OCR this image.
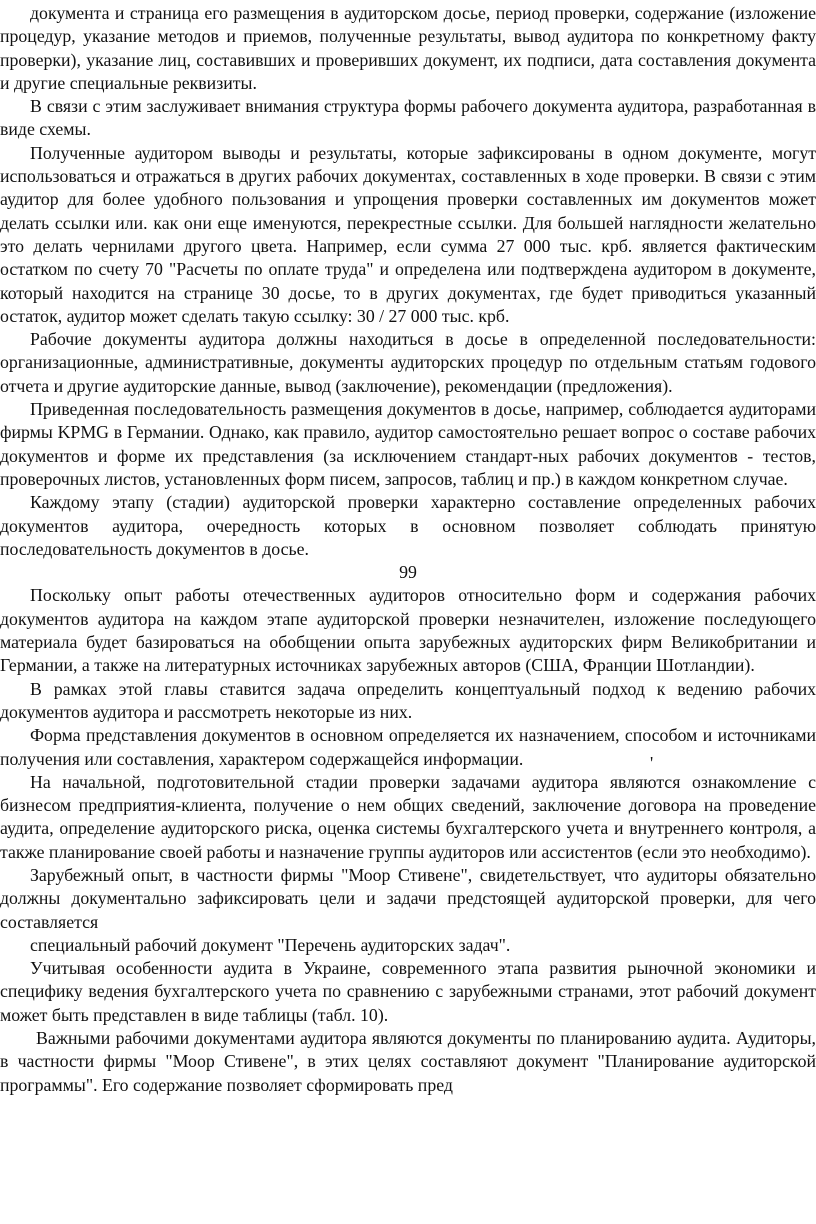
документа и страница его размещения в аудиторском досье, период проверки, содержание (изложение процедур, указание методов и приемов, полученные результаты, вывод аудитора по конкретному факту проверки), указание лиц, составивших и проверивших документ, их подписи, дата составления документа и другие специальные реквизиты.

В связи с этим заслуживает внимания структура формы рабочего документа аудитора, разработанная в виде схемы.

Полученные аудитором выводы и результаты, которые зафиксированы в одном документе, могут использоваться и отражаться в других рабочих документах, составленных в ходе проверки. В связи с этим аудитор для более удобного пользования и упрощения проверки составленных им документов может делать ссылки или. как они еще именуются, перекрестные ссылки. Для большей наглядности желательно это делать чернилами другого цвета. Например, если сумма 27 000 тыс. крб. является фактическим остатком по счету 70 "Расчеты по оплате труда" и определена или подтверждена аудитором в документе, который находится на странице 30 досье, то в других документах, где будет приводиться указанный остаток, аудитор может сделать такую ссылку: 30 / 27 000 тыс. крб.

Рабочие документы аудитора должны находиться в досье в определенной последовательности: организационные, административные, документы аудиторских процедур по отдельным статьям годового отчета и другие аудиторские данные, вывод (заключение), рекомендации (предложения).

Приведенная последовательность размещения документов в досье, например, соблюдается аудиторами фирмы KPMG в Германии. Однако, как правило, аудитор самостоятельно решает вопрос о составе рабочих документов и форме их представления (за исключением стандарт-ных рабочих документов - тестов, проверочных листов, установленных форм писем, запросов, таблиц и пр.) в каждом конкретном случае.

Каждому этапу (стадии) аудиторской проверки характерно составление определенных рабочих документов аудитора, очередность которых в основном позволяет соблюдать принятую последовательность документов в досье.

99

Поскольку опыт работы отечественных аудиторов относительно форм и содержания рабочих документов аудитора на каждом этапе аудиторской проверки незначителен, изложение последующего материала будет базироваться на обобщении опыта зарубежных аудиторских фирм Великобритании и Германии, а также на литературных источниках зарубежных авторов (США, Франции Шотландии).

'

В рамках этой главы ставится задача определить концептуальный подход к ведению рабочих документов аудитора и рассмотреть некоторые из них.

Форма представления документов в основном определяется их назначением, способом и источниками получения или составления, характером содержащейся информации.

На начальной, подготовительной стадии проверки задачами аудитора являются ознакомление с бизнесом предприятия-клиента, получение о нем общих сведений, заключение договора на проведение аудита, определение аудиторского риска, оценка системы бухгалтерского учета и внутреннего контроля, а также планирование своей работы и назначение группы аудиторов или ассистентов (если это необходимо).

Зарубежный опыт, в частности фирмы "Моор Стивене", свидетельствует, что аудиторы обязательно должны документально зафиксировать цели и задачи предстоящей аудиторской проверки, для чего составляется

специальный рабочий документ "Перечень аудиторских задач".

Учитывая особенности аудита в Украине, современного этапа развития рыночной экономики и специфику ведения бухгалтерского учета по сравнению с зарубежными странами, этот рабочий документ может быть представлен в виде таблицы (табл. 10).

Важными рабочими документами аудитора являются документы по планированию аудита. Аудиторы, в частности фирмы "Моор Стивене", в этих целях составляют документ "Планирование аудиторской программы". Его содержание позволяет сформировать пред
